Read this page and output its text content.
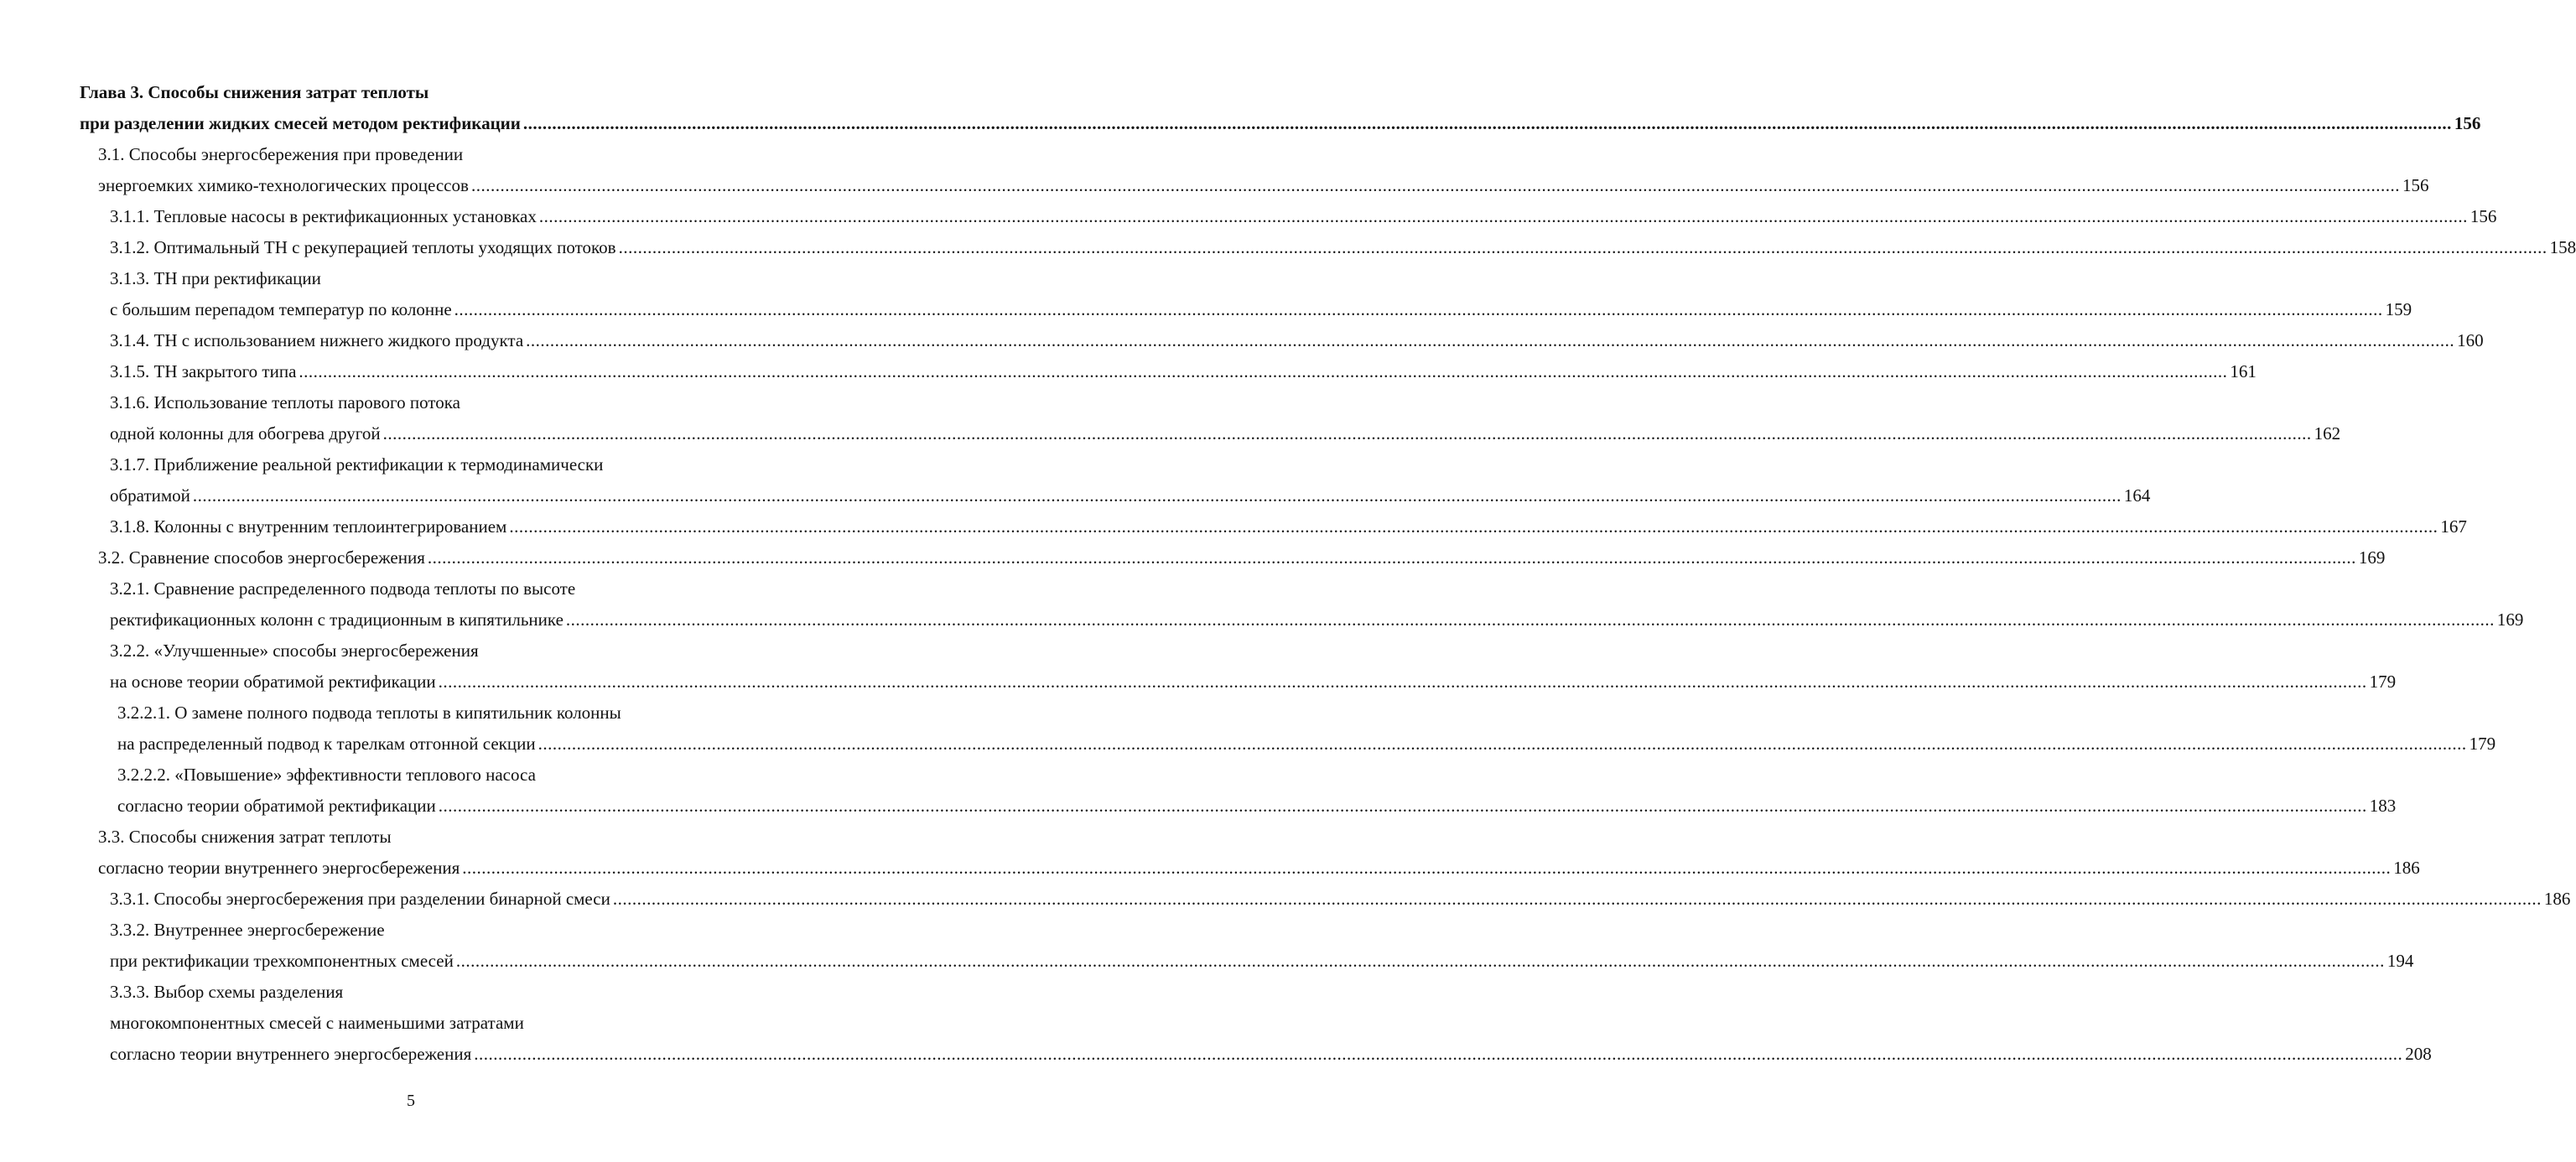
Глава 3. Способы снижения затрат теплоты
при разделении жидких смесей методом ректификации ................................................................................................................................................................................................................................................................................................................................................................................................................ 156
3.1. Способы энергосбережения при проведении
энергоемких химико-технологических процессов ................................................................................................................................................................................................................................................................................................................................................................................................................ 156
3.1.1. Тепловые насосы в ректификационных установках ................................................................................................................................................................................................................................................................................................................................................................................................................ 156
3.1.2. Оптимальный ТН с рекуперацией теплоты уходящих потоков ................................................................................................................................................................................................................................................................................................................................................................................................................ 158
3.1.3. ТН при ректификации
с большим перепадом температур по колонне ................................................................................................................................................................................................................................................................................................................................................................................................................ 159
3.1.4. ТН с использованием нижнего жидкого продукта ................................................................................................................................................................................................................................................................................................................................................................................................................ 160
3.1.5. ТН закрытого типа ................................................................................................................................................................................................................................................................................................................................................................................................................ 161
3.1.6. Использование теплоты парового потока
одной колонны для обогрева другой ................................................................................................................................................................................................................................................................................................................................................................................................................ 162
3.1.7. Приближение реальной ректификации к термодинамически
обратимой ................................................................................................................................................................................................................................................................................................................................................................................................................ 164
3.1.8. Колонны с внутренним теплоинтегрированием ................................................................................................................................................................................................................................................................................................................................................................................................................ 167
3.2. Сравнение способов энергосбережения ................................................................................................................................................................................................................................................................................................................................................................................................................ 169
3.2.1. Сравнение распределенного подвода теплоты по высоте
ректификационных колонн с традиционным в кипятильнике ................................................................................................................................................................................................................................................................................................................................................................................................................ 169
3.2.2. «Улучшенные» способы энергосбережения
на основе теории обратимой ректификации ................................................................................................................................................................................................................................................................................................................................................................................................................ 179
3.2.2.1. О замене полного подвода теплоты в кипятильник колонны
на распределенный подвод к тарелкам отгонной секции ................................................................................................................................................................................................................................................................................................................................................................................................................ 179
3.2.2.2. «Повышение» эффективности теплового насоса
согласно теории обратимой ректификации ................................................................................................................................................................................................................................................................................................................................................................................................................ 183
3.3. Способы снижения затрат теплоты
согласно теории внутреннего энергосбережения ................................................................................................................................................................................................................................................................................................................................................................................................................ 186
3.3.1. Способы энергосбережения при разделении бинарной смеси ................................................................................................................................................................................................................................................................................................................................................................................................................ 186
3.3.2. Внутреннее энергосбережение
при ректификации трехкомпонентных смесей ................................................................................................................................................................................................................................................................................................................................................................................................................ 194
3.3.3. Выбор схемы разделения
многокомпонентных смесей с наименьшими затратами
согласно теории внутреннего энергосбережения ................................................................................................................................................................................................................................................................................................................................................................................................................ 208
5
